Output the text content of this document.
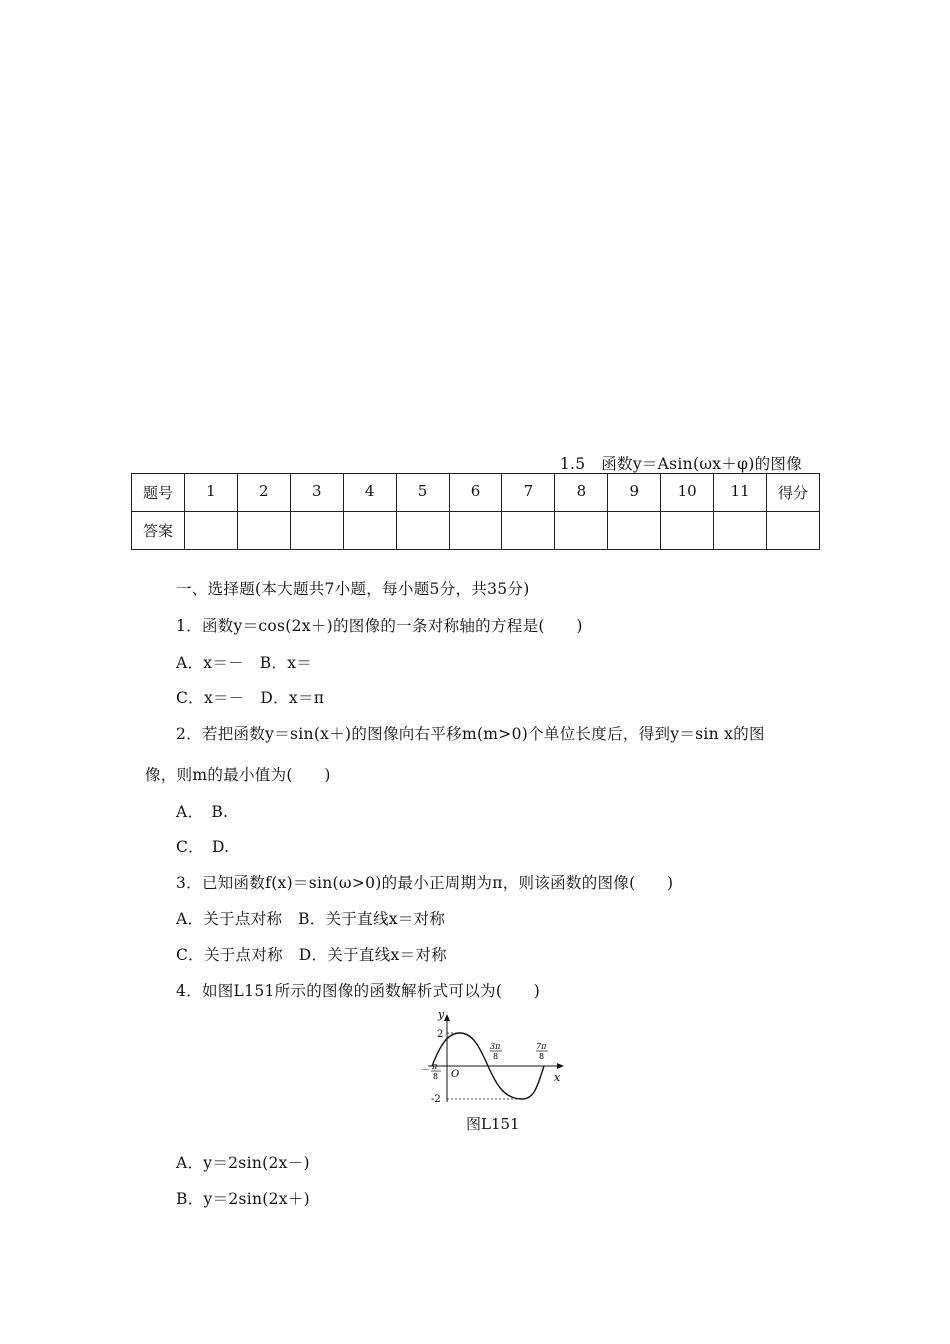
1.5　函数y＝Asin(ωx＋φ)的图像
题号	1	2	3	4	5	6	7	8	9	10	11	得分
答案												
一、选择题(本大题共7小题，每小题5分，共35分)
1．函数y＝cos(2x＋)的图像的一条对称轴的方程是(　　)
A．x＝－　B．x＝
C．x＝－　D．x＝π
2．若把函数y＝sin(x＋)的图像向右平移m(m>0)个单位长度后，得到y＝sin x的图
像，则m的最小值为(　　)
A．　B.
C．　D.
3．已知函数f(x)＝sin(ω>0)的最小正周期为π，则该函数的图像(　　)
A．关于点对称　B．关于直线x＝对称
C．关于点对称　D．关于直线x＝对称
4．如图L151所示的图像的函数解析式可以为(　　)
y
x
O
2
-2
－ π
8
3π
8
7π
8
图L151
A．y＝2sin(2x－)
B．y＝2sin(2x＋)
